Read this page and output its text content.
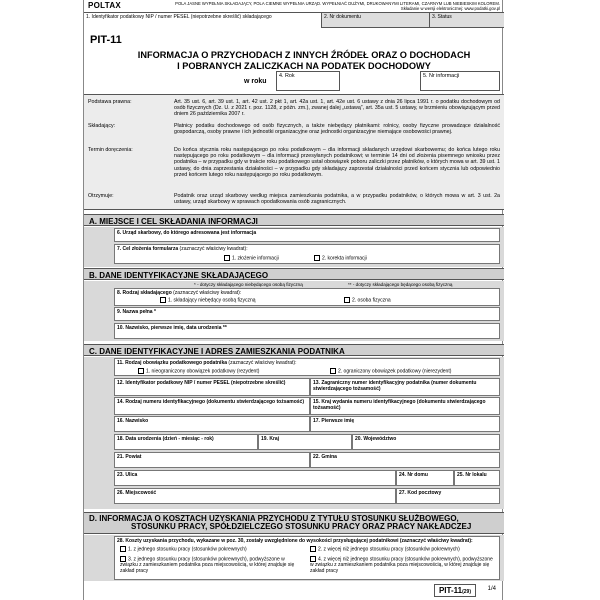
POLTAX	POLA JASNE WYPEŁNIA SKŁADAJĄCY, POLA CIEMNE WYPEŁNIA URZĄD. WYPEŁNIAĆ DUŻYMI, DRUKOWANYMI LITERAMI, CZARNYM LUB NIEBIESKIM KOLOREM. Składanie w wersji elektronicznej: www.podatki.gov.pl
1. Identyfikator podatkowy NIP / numer PESEL (niepotrzebne skreślić) składającego	2. Nr dokumentu	3. Status
PIT-11
INFORMACJA O PRZYCHODACH Z INNYCH ŹRÓDEŁ ORAZ O DOCHODACH
I POBRANYCH ZALICZKACH NA PODATEK DOCHODOWY
w roku
4. Rok	5. Nr informacji
Podstawa prawna:	Art. 35 ust. 6, art. 39 ust. 1, art. 42 ust. 2 pkt 1, art. 42a ust. 1, art. 42e ust. 6 ustawy z dnia 26 lipca 1991 r. o podatku dochodowym od osób fizycznych (Dz. U. z 2021 r. poz. 1128, z późn. zm.), zwanej dalej „ustawą”, art. 35a ust. 5 ustawy, w brzmieniu obowiązującym przed dniem 26 października 2007 r.
Składający:	Płatnicy podatku dochodowego od osób fizycznych, a także niebędący płatnikami: rolnicy, osoby fizyczne prowadzące działalność gospodarczą, osoby prawne i ich jednostki organizacyjne oraz jednostki organizacyjne niemające osobowości prawnej.
Termin doręczenia:	Do końca stycznia roku następującego po roku podatkowym – dla informacji składanych urzędowi skarbowemu; do końca lutego roku następującego po roku podatkowym – dla informacji przesyłanych podatnikowi; w terminie 14 dni od złożenia pisemnego wniosku przez podatnika – w przypadku gdy w trakcie roku podatkowego ustał obowiązek poboru zaliczki przez płatników, o których mowa w art. 39 ust. 1 ustawy, do dnia zaprzestania działalności – w przypadku gdy składający zaprzestał działalności przed końcem stycznia lub odpowiednio przed końcem lutego roku następującego po roku podatkowym.
Otrzymuje:	Podatnik oraz urząd skarbowy według miejsca zamieszkania podatnika, a w przypadku podatników, o których mowa w art. 3 ust. 2a ustawy, urząd skarbowy w sprawach opodatkowania osób zagranicznych.
A. MIEJSCE I CEL SKŁADANIA INFORMACJI
6. Urząd skarbowy, do którego adresowana jest informacja
7. Cel złożenia formularza (zaznaczyć właściwy kwadrat):
1. złożenie informacji	2. korekta informacji
B. DANE IDENTYFIKACYJNE SKŁADAJĄCEGO
* - dotyczy składającego niebędącego osobą fizyczną	** - dotyczy składającego będącego osobą fizyczną
8. Rodzaj składającego (zaznaczyć właściwy kwadrat):
1. składający niebędący osobą fizyczną	2. osoba fizyczna
9. Nazwa pełna *
10. Nazwisko, pierwsze imię, data urodzenia **
C. DANE IDENTYFIKACYJNE I ADRES ZAMIESZKANIA PODATNIKA
11. Rodzaj obowiązku podatkowego podatnika (zaznaczyć właściwy kwadrat):
1. nieograniczony obowiązek podatkowy (rezydent)	2. ograniczony obowiązek podatkowy (nierezydent)
12. Identyfikator podatkowy NIP / numer PESEL (niepotrzebne skreślić)	13. Zagraniczny numer identyfikacyjny podatnika (numer dokumentu stwierdzającego tożsamość)
14. Rodzaj numeru identyfikacyjnego (dokumentu stwierdzającego tożsamość)	15. Kraj wydania numeru identyfikacyjnego (dokumentu stwierdzającego tożsamość)
16. Nazwisko	17. Pierwsze imię
18. Data urodzenia (dzień - miesiąc - rok)	19. Kraj	20. Województwo
21. Powiat	22. Gmina
23. Ulica	24. Nr domu	25. Nr lokalu
26. Miejscowość	27. Kod pocztowy
D. INFORMACJA O KOSZTACH UZYSKANIA PRZYCHODU Z TYTUŁU STOSUNKU SŁUŻBOWEGO,
STOSUNKU PRACY, SPÓŁDZIELCZEGO STOSUNKU PRACY ORAZ PRACY NAKŁADCZEJ
28. Koszty uzyskania przychodu, wykazane w poz. 30, zostały uwzględnione do wysokości przysługującej podatnikowi (zaznaczyć właściwy kwadrat):
1. z jednego stosunku pracy (stosunków pokrewnych)	2. z więcej niż jednego stosunku pracy (stosunków pokrewnych)
3. z jednego stosunku pracy (stosunków pokrewnych), podwyższone w związku z zamieszkaniem podatnika poza miejscowością, w której znajduje się zakład pracy
4. z więcej niż jednego stosunku pracy (stosunków pokrewnych), podwyższone w związku z zamieszkaniem podatnika poza miejscowością, w której znajduje się zakład pracy
PIT-11(29)	1/4
